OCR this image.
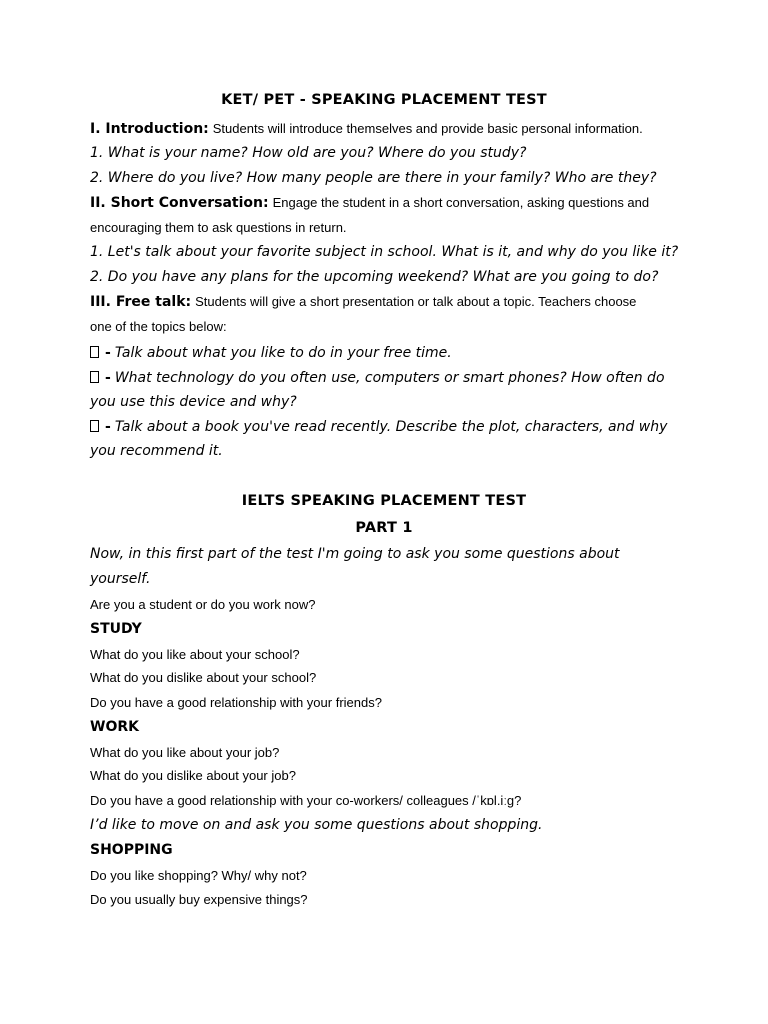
KET/ PET - SPEAKING PLACEMENT TEST
I. Introduction: Students will introduce themselves and provide basic personal information.
1. What is your name? How old are you? Where do you study?
2. Where do you live? How many people are there in your family? Who are they?
II. Short Conversation: Engage the student in a short conversation, asking questions and
encouraging them to ask questions in return.
1. Let's talk about your favorite subject in school. What is it, and why do you like it?
2. Do you have any plans for the upcoming weekend? What are you going to do?
III. Free talk: Students will give a short presentation or talk about a topic. Teachers choose
one of the topics below:
- Talk about what you like to do in your free time.
- What technology do you often use, computers or smart phones? How often do
you use this device and why?
- Talk about a book you've read recently. Describe the plot, characters, and why
you recommend it.
IELTS SPEAKING PLACEMENT TEST
PART 1
Now, in this first part of the test I'm going to ask you some questions about
yourself.
Are you a student or do you work now?
STUDY
What do you like about your school?
What do you dislike about your school?
Do you have a good relationship with your friends?
WORK
What do you like about your job?
What do you dislike about your job?
Do you have a good relationship with your co-workers/ colleagues /ˈkɒl.iːg?
I’d like to move on and ask you some questions about shopping.
SHOPPING
Do you like shopping? Why/ why not?
Do you usually buy expensive things?
